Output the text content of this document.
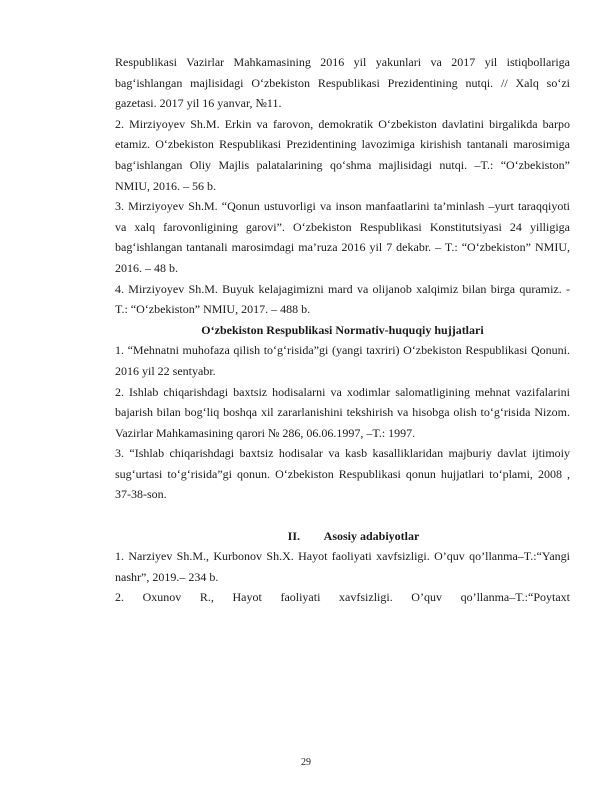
Respublikasi Vazirlar Mahkamasining 2016 yil yakunlari va 2017 yil istiqbollariga bag‘ishlangan majlisidagi O‘zbekiston Respublikasi Prezidentining nutqi. // Xalq so‘zi gazetasi. 2017 yil 16 yanvar, №11.

2. Mirziyoyev Sh.M. Erkin va farovon, demokratik O‘zbekiston davlatini birgalikda barpo etamiz. O‘zbekiston Respublikasi Prezidentining lavozimiga kirishish tantanali marosimiga bag‘ishlangan Oliy Majlis palatalarining qo‘shma majlisidagi nutqi. –T.: “O‘zbekiston” NMIU, 2016. – 56 b.

3. Mirziyoyev Sh.M. “Qonun ustuvorligi va inson manfaatlarini ta’minlash –yurt taraqqiyoti va xalq farovonligining garovi”. O‘zbekiston Respublikasi Konstitutsiyasi 24 yilligiga bag‘ishlangan tantanali marosimdagi ma’ruza 2016 yil 7 dekabr. – T.: “O‘zbekiston” NMIU, 2016. – 48 b.

4. Mirziyoyev Sh.M. Buyuk kelajagimizni mard va olijanob xalqimiz bilan birga quramiz. - T.: “O‘zbekiston” NMIU, 2017. – 488 b.

O‘zbekiston Respublikasi Normativ-huquqiy hujjatlari

1. “Mehnatni muhofaza qilish to‘g‘risida”gi (yangi taxriri) O‘zbekiston Respublikasi Qonuni. 2016 yil 22 sentyabr.

2. Ishlab chiqarishdagi baxtsiz hodisalarni va xodimlar salomatligining mehnat vazifalarini bajarish bilan bog‘liq boshqa xil zararlanishini tekshirish va hisobga olish to‘g‘risida Nizom. Vazirlar Mahkamasining qarori № 286, 06.06.1997, –T.: 1997.

3. “Ishlab chiqarishdagi baxtsiz hodisalar va kasb kasalliklaridan majburiy davlat ijtimoiy sug‘urtasi to‘g‘risida”gi qonun. O‘zbekiston Respublikasi qonun hujjatlari to‘plami, 2008 , 37-38-son.

II. Asosiy adabiyotlar

1. Narziyev Sh.M., Kurbonov Sh.X. Hayot faoliyati xavfsizligi. O’quv qo’llanma–T.:“Yangi nashr”, 2019.– 234 b.

2. Oxunov R., Hayot faoliyati xavfsizligi. O’quv qo’llanma–T.:“Poytaxt

29
